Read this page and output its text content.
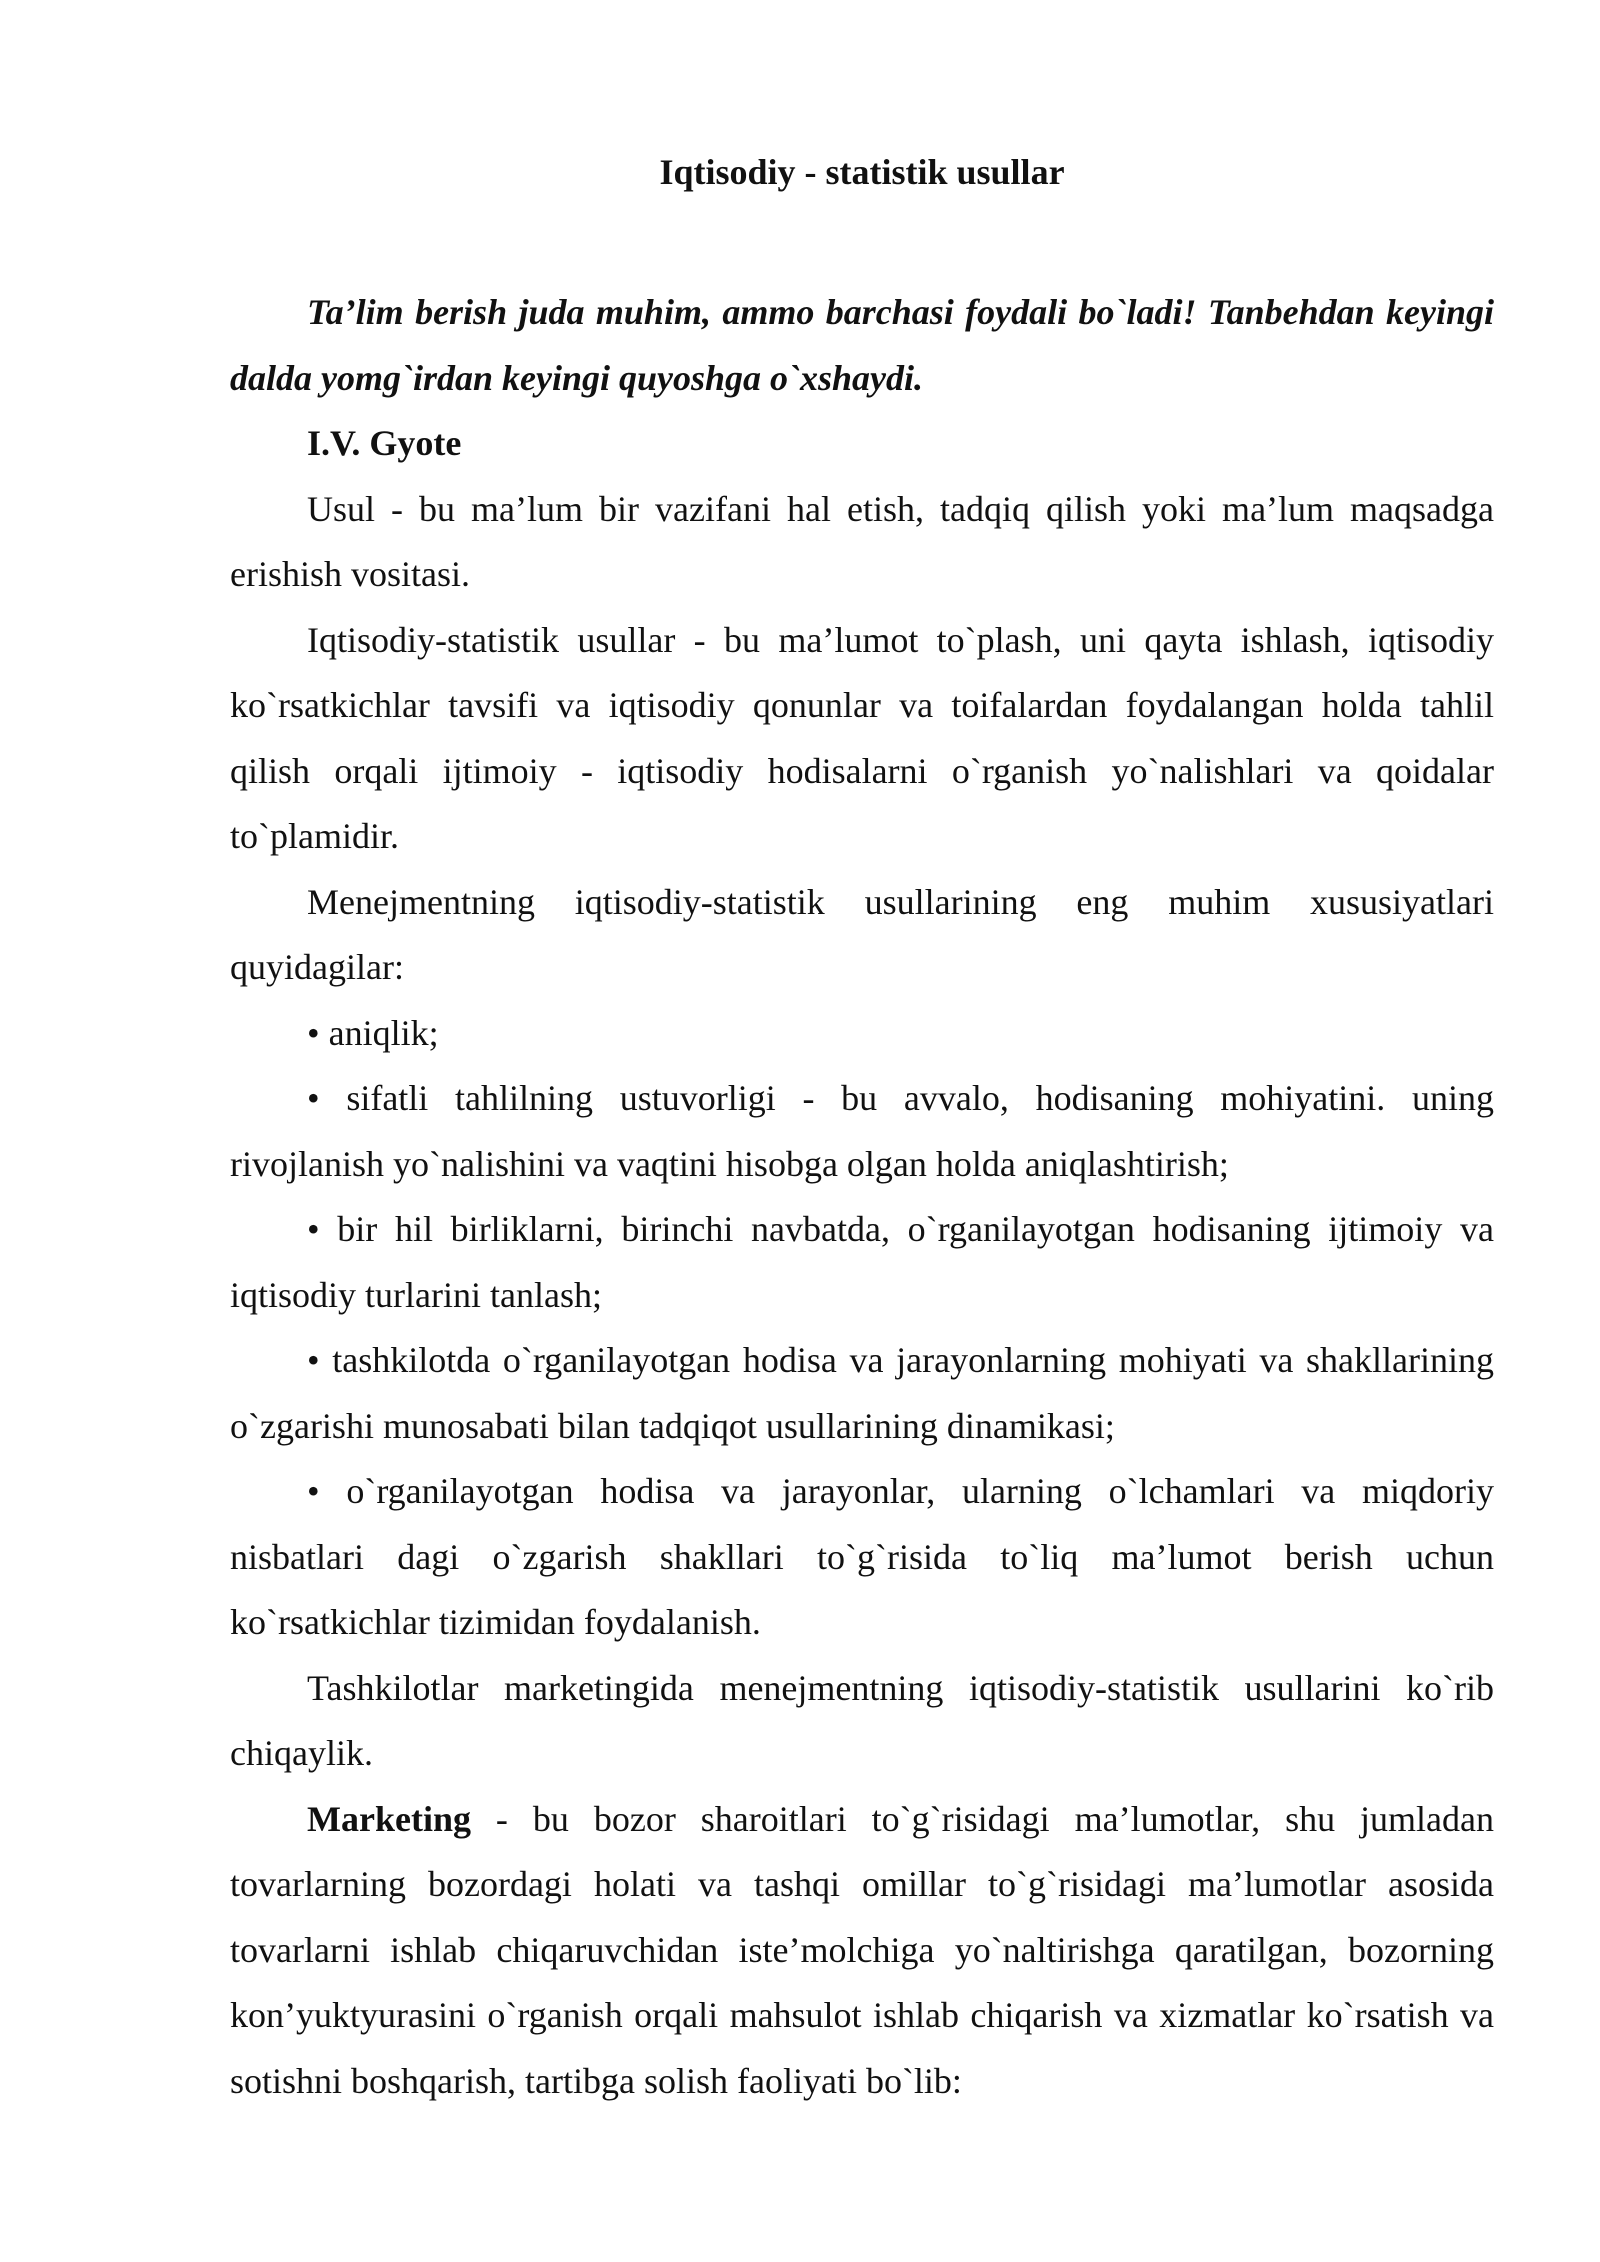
Iqtisodiy - statistik usullar

Ta’lim berish juda muhim, ammo barchasi foydali bo`ladi! Tanbehdan keyingi dalda yomg`irdan keyingi quyoshga o`xshaydi.

I.V. Gyote

Usul - bu ma’lum bir vazifani hal etish, tadqiq qilish yoki ma’lum maqsadga erishish vositasi.

Iqtisodiy-statistik usullar - bu ma’lumot to`plash, uni qayta ishlash, iqtisodiy ko`rsatkichlar tavsifi va iqtisodiy qonunlar va toifalardan foydalangan holda tahlil qilish orqali ijtimoiy - iqtisodiy hodisalarni o`rganish yo`nalishlari va qoidalar to`plamidir.

Menejmentning iqtisodiy-statistik usullarining eng muhim xususiyatlari quyidagilar:

• aniqlik;

• sifatli tahlilning ustuvorligi - bu avvalo, hodisaning mohiyatini. uning rivojlanish yo`nalishini va vaqtini hisobga olgan holda aniqlashtirish;

• bir hil birliklarni, birinchi navbatda, o`rganilayotgan hodisaning ijtimoiy va iqtisodiy turlarini tanlash;

• tashkilotda o`rganilayotgan hodisa va jarayonlarning mohiyati va shakllarining o`zgarishi munosabati bilan tadqiqot usullarining dinamikasi;

• o`rganilayotgan hodisa va jarayonlar, ularning o`lchamlari va miqdoriy nisbatlari dagi o`zgarish shakllari to`g`risida to`liq ma’lumot berish uchun ko`rsatkichlar tizimidan foydalanish.

Tashkilotlar marketingida menejmentning iqtisodiy-statistik usullarini ko`rib chiqaylik.

Marketing - bu bozor sharoitlari to`g`risidagi ma’lumotlar, shu jumladan tovarlarning bozordagi holati va tashqi omillar to`g`risidagi ma’lumotlar asosida tovarlarni ishlab chiqaruvchidan iste’molchiga yo`naltirishga qaratilgan, bozorning kon’yuktyurasini o`rganish orqali mahsulot ishlab chiqarish va xizmatlar ko`rsatish va sotishni boshqarish, tartibga solish faoliyati bo`lib:
